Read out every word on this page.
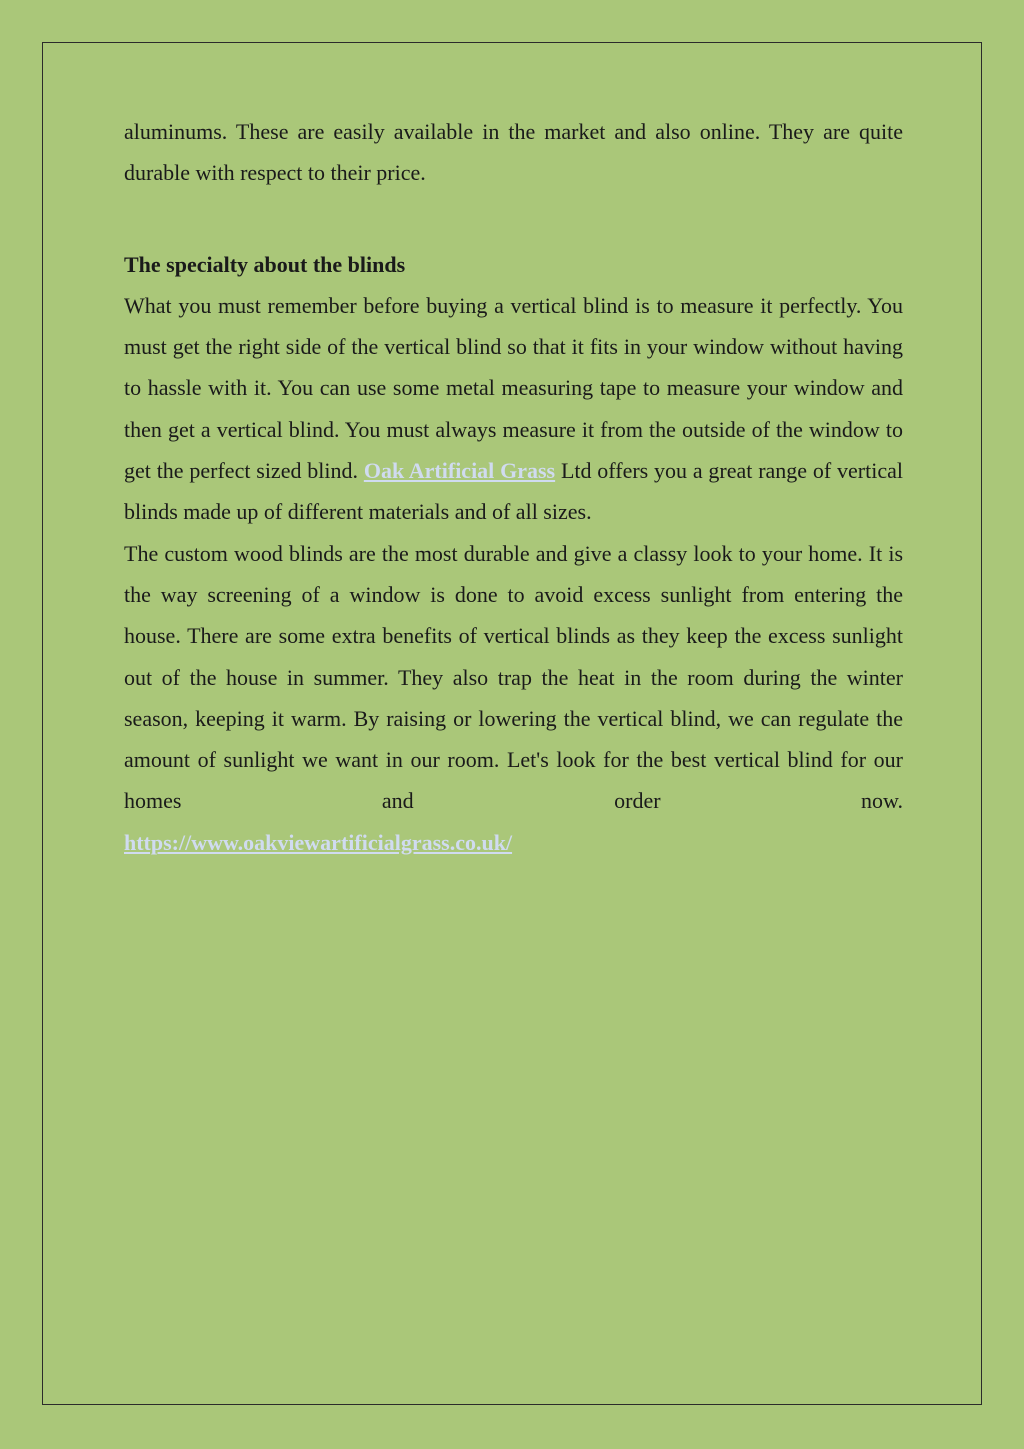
aluminums. These are easily available in the market and also online. They are quite durable with respect to their price.

The specialty about the blinds

What you must remember before buying a vertical blind is to measure it perfectly. You must get the right side of the vertical blind so that it fits in your window without having to hassle with it. You can use some metal measuring tape to measure your window and then get a vertical blind. You must always measure it from the outside of the window to get the perfect sized blind. Oak Artificial Grass Ltd offers you a great range of vertical blinds made up of different materials and of all sizes.

The custom wood blinds are the most durable and give a classy look to your home. It is the way screening of a window is done to avoid excess sunlight from entering the house. There are some extra benefits of vertical blinds as they keep the excess sunlight out of the house in summer. They also trap the heat in the room during the winter season, keeping it warm. By raising or lowering the vertical blind, we can regulate the amount of sunlight we want in our room. Let's look for the best vertical blind for our homes and order now.

https://www.oakviewartificialgrass.co.uk/
